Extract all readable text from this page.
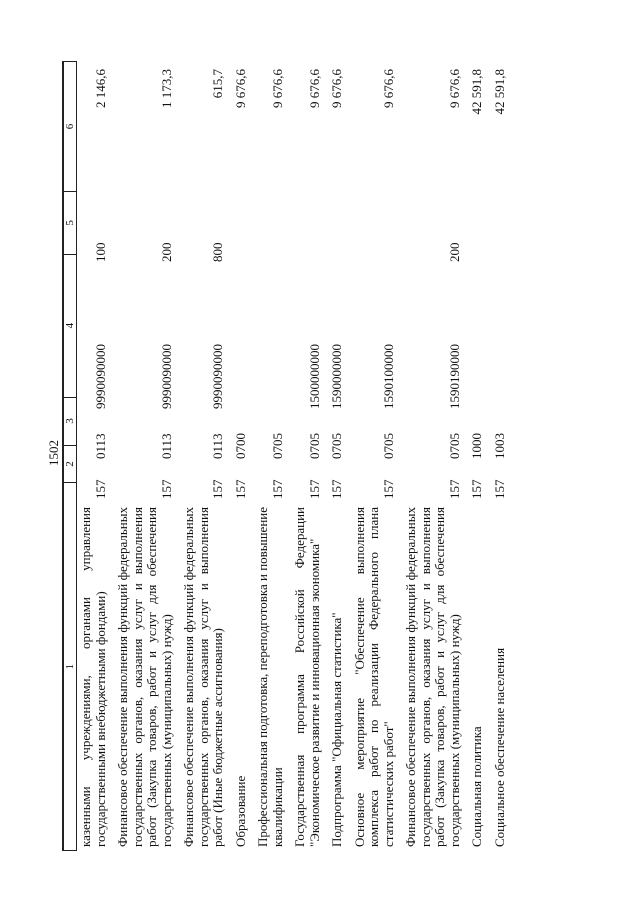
1502
1
2
3
4
5
6
казенными учреждениями, органами управления государственными внебюджетными фондами)
157
0113
9990090000
100
2 146,6
Финансовое обеспечение выполнения функций федеральных государственных органов, оказания услуг и выполнения работ (Закупка товаров, работ и услуг для обеспечения государственных (муниципальных) нужд)
157
0113
9990090000
200
1 173,3
Финансовое обеспечение выполнения функций федеральных государственных органов, оказания услуг и выполнения работ (Иные бюджетные ассигнования)
157
0113
9990090000
800
615,7
Образование
157
0700
9 676,6
Профессиональная подготовка, переподготовка и повышение квалификации
157
0705
9 676,6
Государственная программа Российской Федерации "Экономическое развитие и инновационная экономика"
157
0705
1500000000
9 676,6
Подпрограмма "Официальная статистика"
157
0705
1590000000
9 676,6
Основное мероприятие "Обеспечение выполнения комплекса работ по реализации Федерального плана статистических работ"
157
0705
1590100000
9 676,6
Финансовое обеспечение выполнения функций федеральных государственных органов, оказания услуг и выполнения работ (Закупка товаров, работ и услуг для обеспечения государственных (муниципальных) нужд)
157
0705
1590190000
200
9 676,6
Социальная политика
157
1000
42 591,8
Социальное обеспечение населения
157
1003
42 591,8
